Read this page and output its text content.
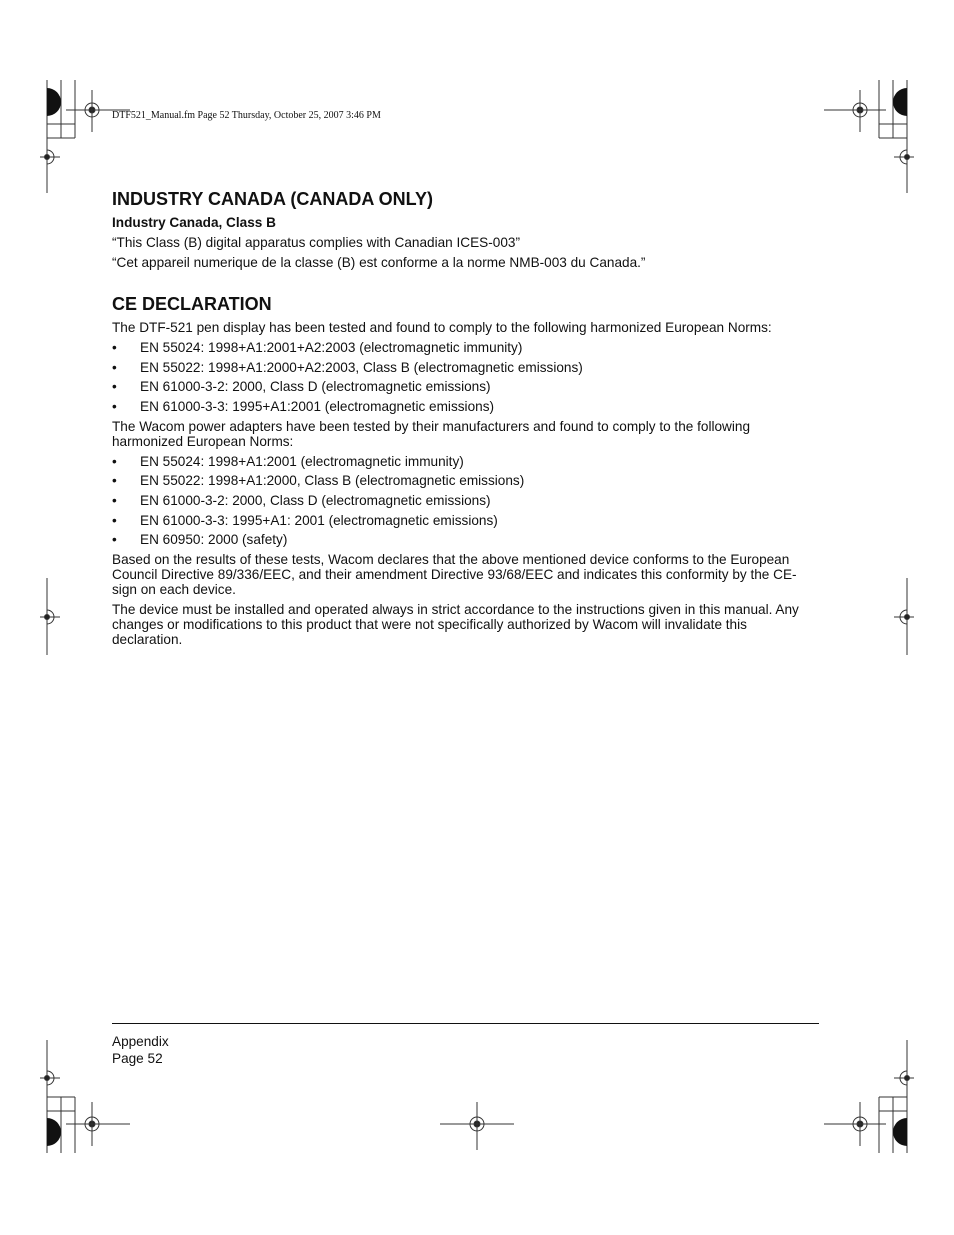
DTF521_Manual.fm Page 52 Thursday, October 25, 2007 3:46 PM
INDUSTRY CANADA (CANADA ONLY)
Industry Canada, Class B

“This Class (B) digital apparatus complies with Canadian ICES-003”

“Cet appareil numerique de la classe (B) est conforme a la norme NMB-003 du Canada.”

CE DECLARATION

The DTF-521 pen display has been tested and found to comply to the following harmonized European Norms:

• EN 55024: 1998+A1:2001+A2:2003 (electromagnetic immunity)
• EN 55022: 1998+A1:2000+A2:2003, Class B (electromagnetic emissions)
• EN 61000-3-2: 2000, Class D (electromagnetic emissions)
• EN 61000-3-3: 1995+A1:2001 (electromagnetic emissions)

The Wacom power adapters have been tested by their manufacturers and found to comply to the following harmonized European Norms:

• EN 55024: 1998+A1:2001 (electromagnetic immunity)
• EN 55022: 1998+A1:2000, Class B (electromagnetic emissions)
• EN 61000-3-2: 2000, Class D (electromagnetic emissions)
• EN 61000-3-3: 1995+A1: 2001 (electromagnetic emissions)
• EN 60950: 2000 (safety)

Based on the results of these tests, Wacom declares that the above mentioned device conforms to the European Council Directive 89/336/EEC, and their amendment Directive 93/68/EEC and indicates this conformity by the CE-sign on each device.

The device must be installed and operated always in strict accordance to the instructions given in this manual. Any changes or modifications to this product that were not specifically authorized by Wacom will invalidate this declaration.

Appendix
Page 52
